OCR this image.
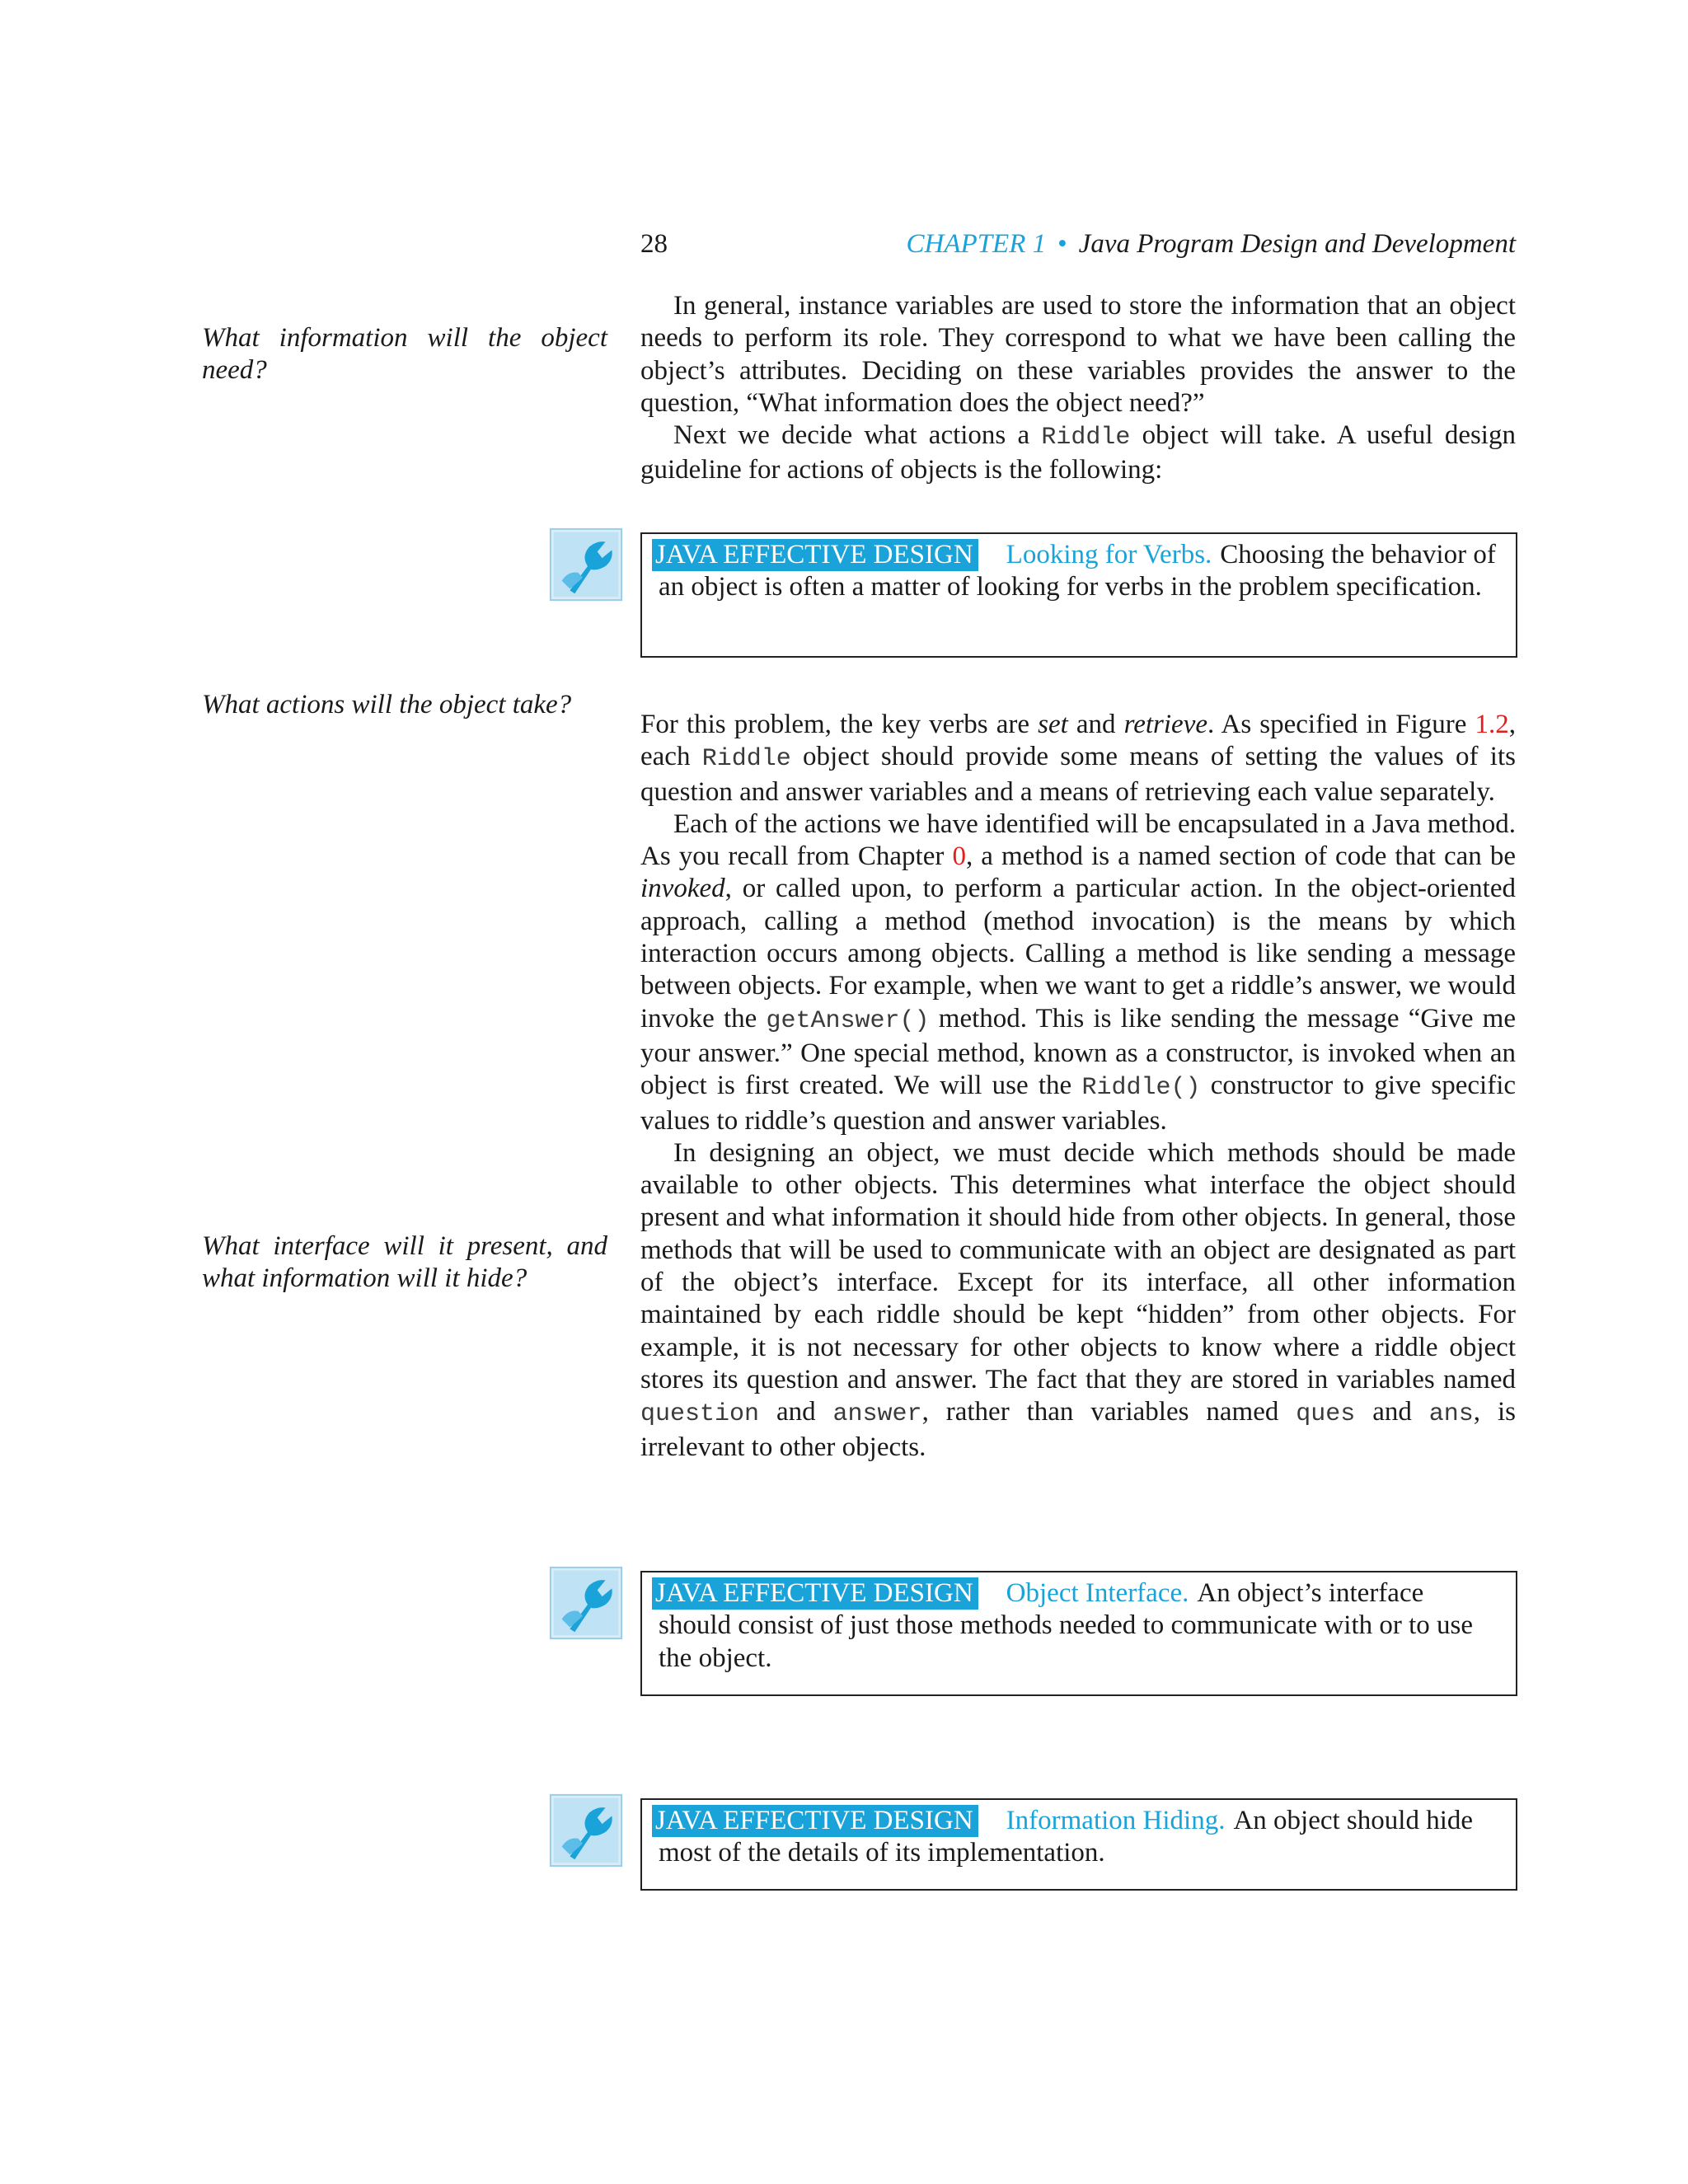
28	CHAPTER 1 • Java Program Design and Development
What information will the object need?
What actions will the object take?
What interface will it present, and what information will it hide?

In general, instance variables are used to store the information that an object needs to perform its role. They correspond to what we have been calling the object’s attributes. Deciding on these variables provides the answer to the question, “What information does the object need?”

Next we decide what actions a Riddle object will take. A useful design guideline for actions of objects is the following:

JAVA EFFECTIVE DESIGN Looking for Verbs. Choosing the behavior of an object is often a matter of looking for verbs in the problem specification.

For this problem, the key verbs are set and retrieve. As specified in Figure 1.2, each Riddle object should provide some means of setting the values of its question and answer variables and a means of retrieving each value separately.

Each of the actions we have identified will be encapsulated in a Java method. As you recall from Chapter 0, a method is a named section of code that can be invoked, or called upon, to perform a particular action. In the object-oriented approach, calling a method (method invocation) is the means by which interaction occurs among objects. Calling a method is like sending a message between objects. For example, when we want to get a riddle’s answer, we would invoke the getAnswer() method. This is like sending the message “Give me your answer.” One special method, known as a constructor, is invoked when an object is first created. We will use the Riddle() constructor to give specific values to riddle’s question and answer variables.

In designing an object, we must decide which methods should be made available to other objects. This determines what interface the object should present and what information it should hide from other objects. In general, those methods that will be used to communicate with an object are designated as part of the object’s interface. Except for its interface, all other information maintained by each riddle should be kept “hidden” from other objects. For example, it is not necessary for other objects to know where a riddle object stores its question and answer. The fact that they are stored in variables named question and answer, rather than variables named ques and ans, is irrelevant to other objects.

JAVA EFFECTIVE DESIGN Object Interface. An object’s interface should consist of just those methods needed to communicate with or to use the object.
JAVA EFFECTIVE DESIGN Information Hiding. An object should hide most of the details of its implementation.
